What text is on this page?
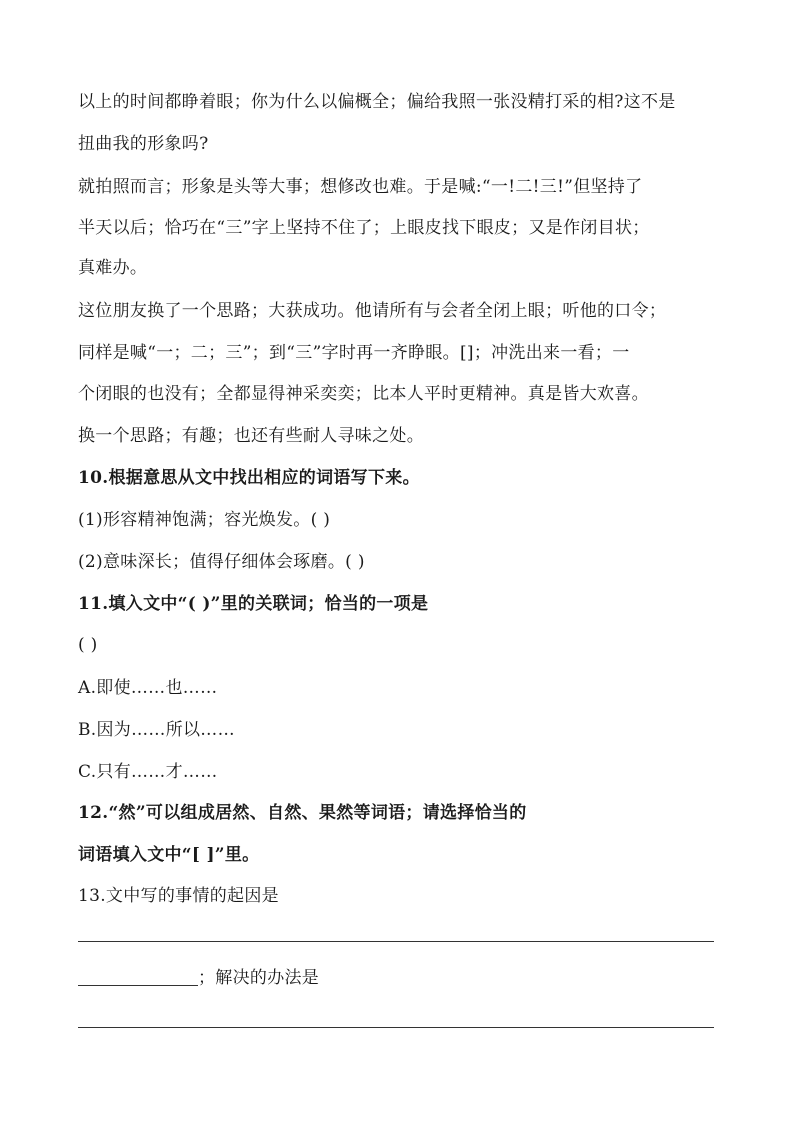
以上的时间都睁着眼；你为什么以偏概全；偏给我照一张没精打采的相?这不是
扭曲我的形象吗?
就拍照而言；形象是头等大事；想修改也难。于是喊:“一!二!三!”但坚持了
半天以后；恰巧在“三”字上坚持不住了；上眼皮找下眼皮；又是作闭目状；
真难办。
这位朋友换了一个思路；大获成功。他请所有与会者全闭上眼；听他的口令；
同样是喊“一；二；三”；到“三”字时再一齐睁眼。[]；冲洗出来一看；一
个闭眼的也没有；全都显得神采奕奕；比本人平时更精神。真是皆大欢喜。
换一个思路；有趣；也还有些耐人寻味之处。
10.根据意思从文中找出相应的词语写下来。
(1)形容精神饱满；容光焕发。( )
(2)意味深长；值得仔细体会琢磨。( )
11.填入文中“( )”里的关联词；恰当的一项是
( )
A.即使……也……
B.因为……所以……
C.只有……才……
12.“然”可以组成居然、自然、果然等词语；请选择恰当的
词语填入文中“[ ]”里。
13.文中写的事情的起因是
；解决的办法是
